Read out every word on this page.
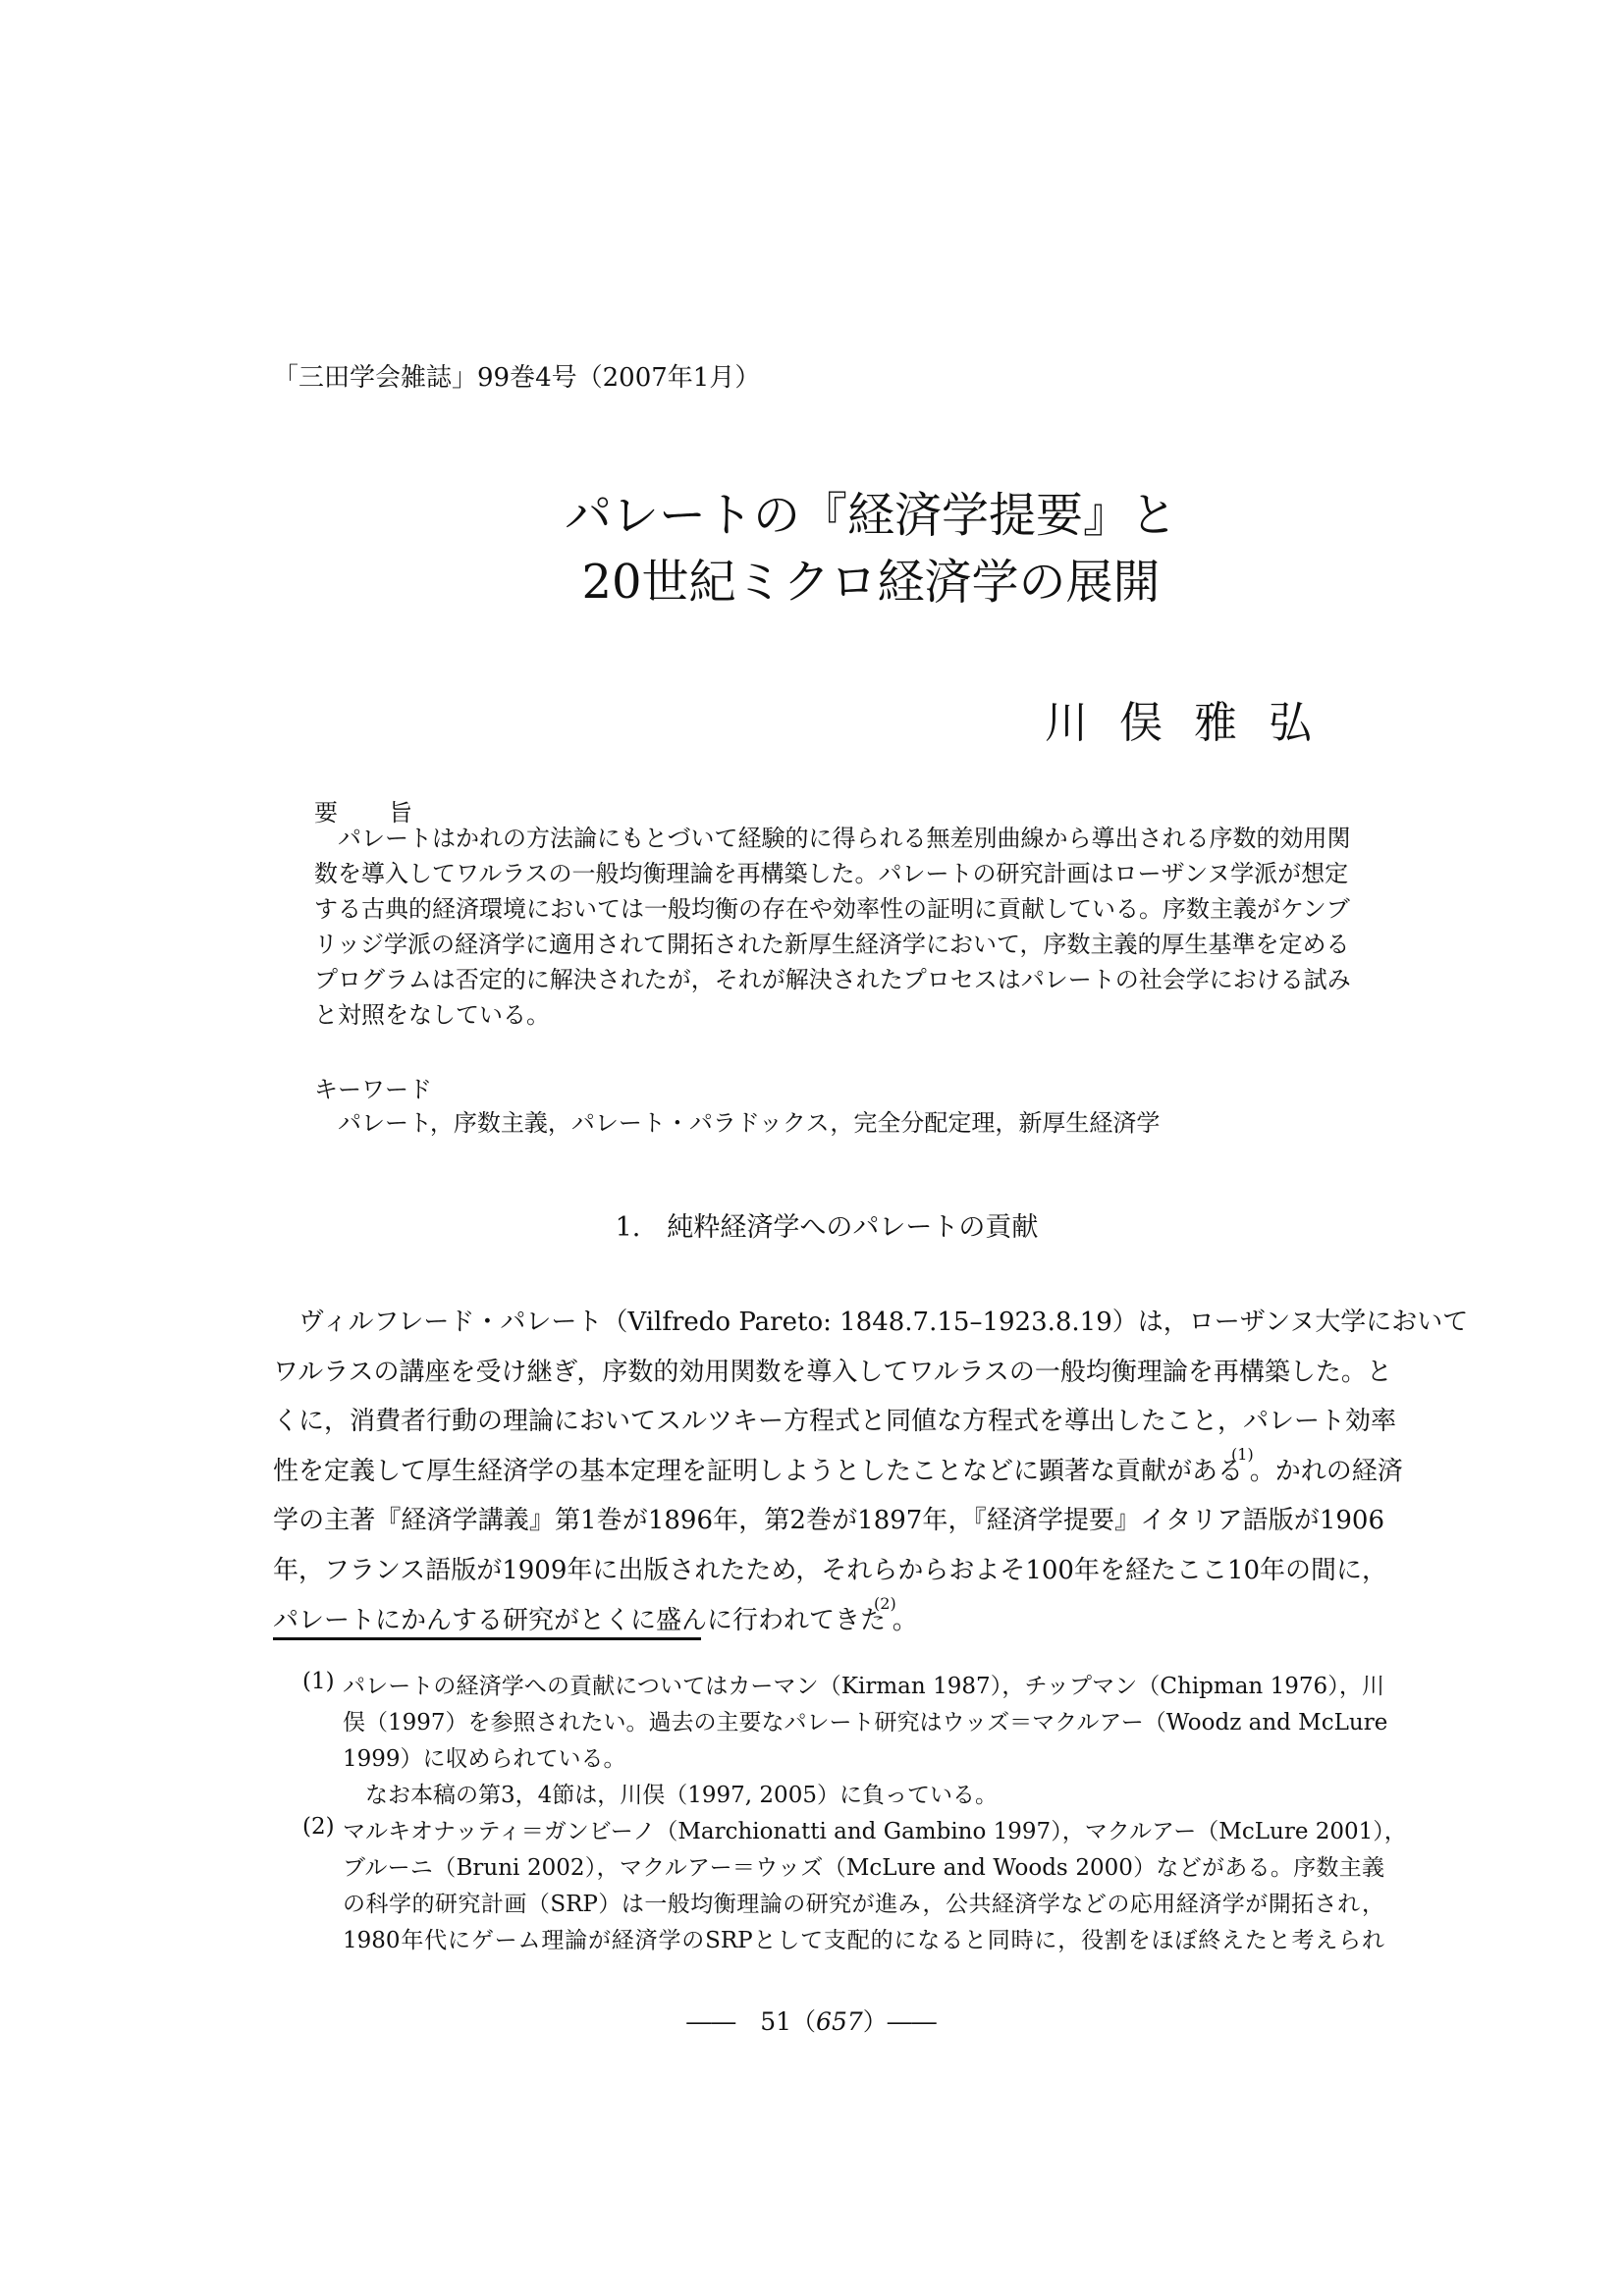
「三田学会雑誌」99巻4号（2007年1月）
パレートの『経済学提要』と
20世紀ミクロ経済学の展開
川俣雅弘
要 旨
パレートはかれの方法論にもとづいて経験的に得られる無差別曲線から導出される序数的効用関
数を導入してワルラスの一般均衡理論を再構築した。パレートの研究計画はローザンヌ学派が想定
する古典的経済環境においては一般均衡の存在や効率性の証明に貢献している。序数主義がケンブ
リッジ学派の経済学に適用されて開拓された新厚生経済学において，序数主義的厚生基準を定める
プログラムは否定的に解決されたが，それが解決されたプロセスはパレートの社会学における試み
と対照をなしている。
キーワード
パレート，序数主義，パレート・パラドックス，完全分配定理，新厚生経済学
1.　純粋経済学へのパレートの貢献
ヴィルフレード・パレート（Vilfredo Pareto: 1848.7.15–1923.8.19）は，ローザンヌ大学において
ワルラスの講座を受け継ぎ，序数的効用関数を導入してワルラスの一般均衡理論を再構築した。と
くに，消費者行動の理論においてスルツキー方程式と同値な方程式を導出したこと，パレート効率
性を定義して厚生経済学の基本定理を証明しようとしたことなどに顕著な貢献がある$^{(1)}$。かれの経済
学の主著『経済学講義』第1巻が1896年，第2巻が1897年，『経済学提要』イタリア語版が1906
年，フランス語版が1909年に出版されたため，それらからおよそ100年を経たここ10年の間に，
パレートにかんする研究がとくに盛んに行われてきた$^{(2)}$。
(1) パレートの経済学への貢献についてはカーマン（Kirman 1987），チップマン（Chipman 1976），川
俣（1997）を参照されたい。過去の主要なパレート研究はウッズ＝マクルアー（Woodz and McLure
1999）に収められている。
なお本稿の第3，4節は，川俣（1997, 2005）に負っている。
(2) マルキオナッティ＝ガンビーノ（Marchionatti and Gambino 1997），マクルアー（McLure 2001），
ブルーニ（Bruni 2002），マクルアー＝ウッズ（McLure and Woods 2000）などがある。序数主義
の科学的研究計画（SRP）は一般均衡理論の研究が進み，公共経済学などの応用経済学が開拓され，
1980年代にゲーム理論が経済学のSRPとして支配的になると同時に，役割をほぼ終えたと考えられ
――　 51（657）――
